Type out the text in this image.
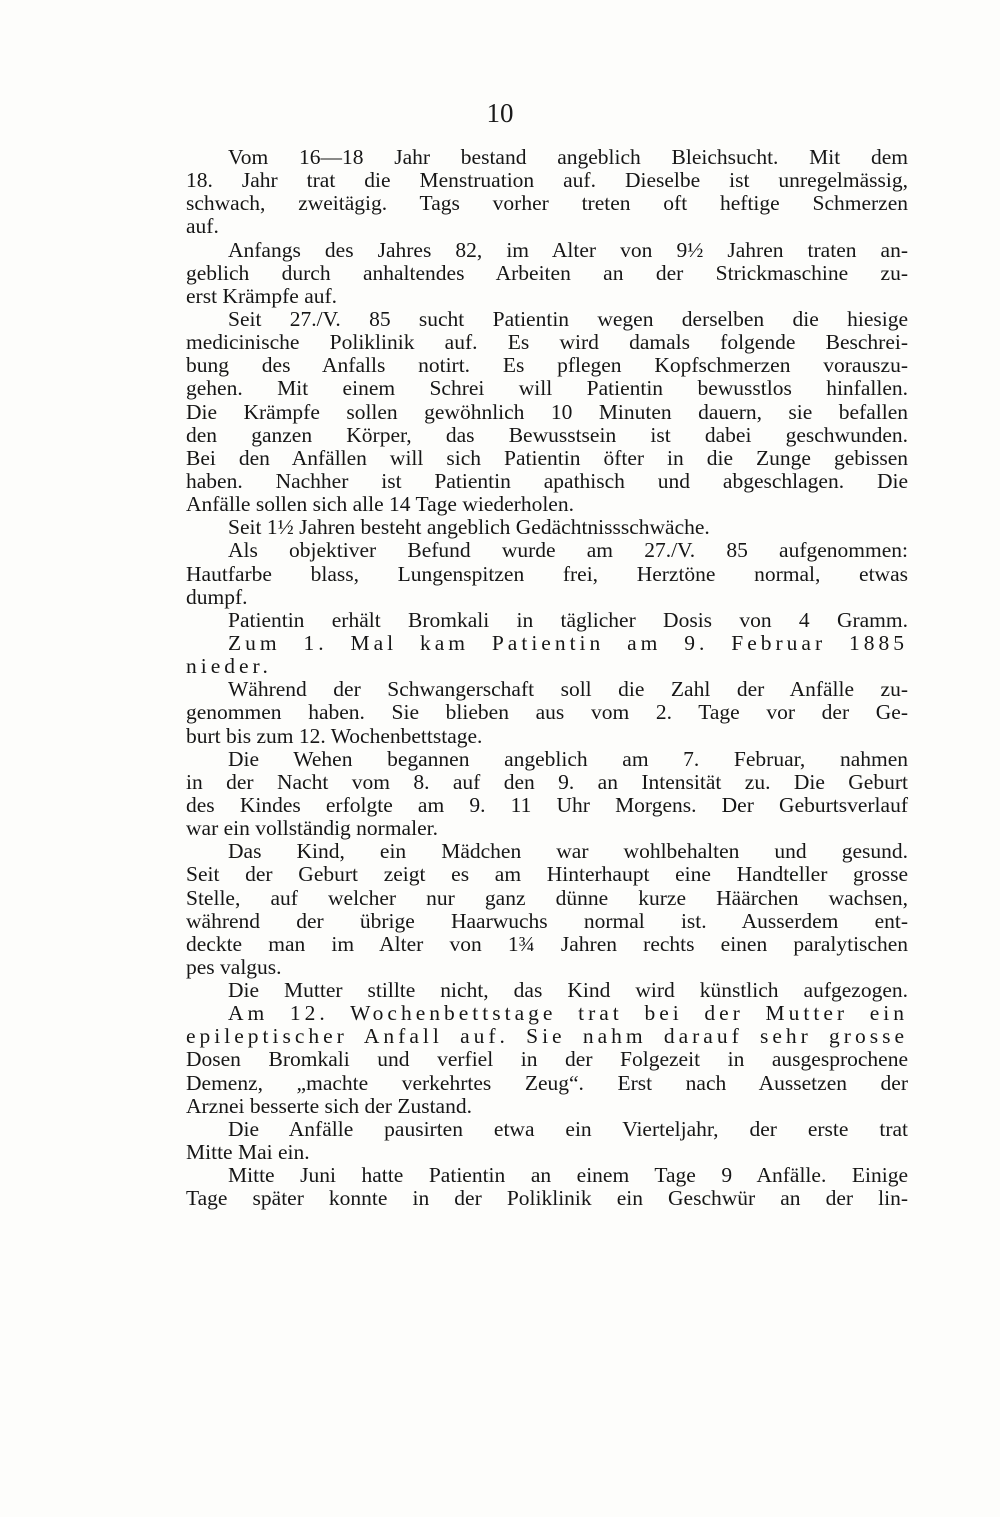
10
Vom 16—18 Jahr bestand angeblich Bleichsucht. Mit dem
18. Jahr trat die Menstruation auf. Dieselbe ist unregelmässig,
schwach, zweitägig. Tags vorher treten oft heftige Schmerzen
auf.
Anfangs des Jahres 82, im Alter von 9½ Jahren traten an-
geblich durch anhaltendes Arbeiten an der Strickmaschine zu-
erst Krämpfe auf.
Seit 27./V. 85 sucht Patientin wegen derselben die hiesige
medicinische Poliklinik auf. Es wird damals folgende Beschrei-
bung des Anfalls notirt. Es pflegen Kopfschmerzen vorauszu-
gehen. Mit einem Schrei will Patientin bewusstlos hinfallen.
Die Krämpfe sollen gewöhnlich 10 Minuten dauern, sie befallen
den ganzen Körper, das Bewusstsein ist dabei geschwunden.
Bei den Anfällen will sich Patientin öfter in die Zunge gebissen
haben. Nachher ist Patientin apathisch und abgeschlagen. Die
Anfälle sollen sich alle 14 Tage wiederholen.
Seit 1½ Jahren besteht angeblich Gedächtnissschwäche.
Als objektiver Befund wurde am 27./V. 85 aufgenommen:
Hautfarbe blass, Lungenspitzen frei, Herztöne normal, etwas
dumpf.
Patientin erhält Bromkali in täglicher Dosis von 4 Gramm.
Zum 1. Mal kam Patientin am 9. Februar 1885
nieder.
Während der Schwangerschaft soll die Zahl der Anfälle zu-
genommen haben. Sie blieben aus vom 2. Tage vor der Ge-
burt bis zum 12. Wochenbettstage.
Die Wehen begannen angeblich am 7. Februar, nahmen
in der Nacht vom 8. auf den 9. an Intensität zu. Die Geburt
des Kindes erfolgte am 9. 11 Uhr Morgens. Der Geburtsverlauf
war ein vollständig normaler.
Das Kind, ein Mädchen war wohlbehalten und gesund.
Seit der Geburt zeigt es am Hinterhaupt eine Handteller grosse
Stelle, auf welcher nur ganz dünne kurze Häärchen wachsen,
während der übrige Haarwuchs normal ist. Ausserdem ent-
deckte man im Alter von 1¾ Jahren rechts einen paralytischen
pes valgus.
Die Mutter stillte nicht, das Kind wird künstlich aufgezogen.
Am 12. Wochenbettstage trat bei der Mutter ein
epileptischer Anfall auf. Sie nahm darauf sehr grosse
Dosen Bromkali und verfiel in der Folgezeit in ausgesprochene
Demenz, „machte verkehrtes Zeug“. Erst nach Aussetzen der
Arznei besserte sich der Zustand.
Die Anfälle pausirten etwa ein Vierteljahr, der erste trat
Mitte Mai ein.
Mitte Juni hatte Patientin an einem Tage 9 Anfälle. Einige
Tage später konnte in der Poliklinik ein Geschwür an der lin-
